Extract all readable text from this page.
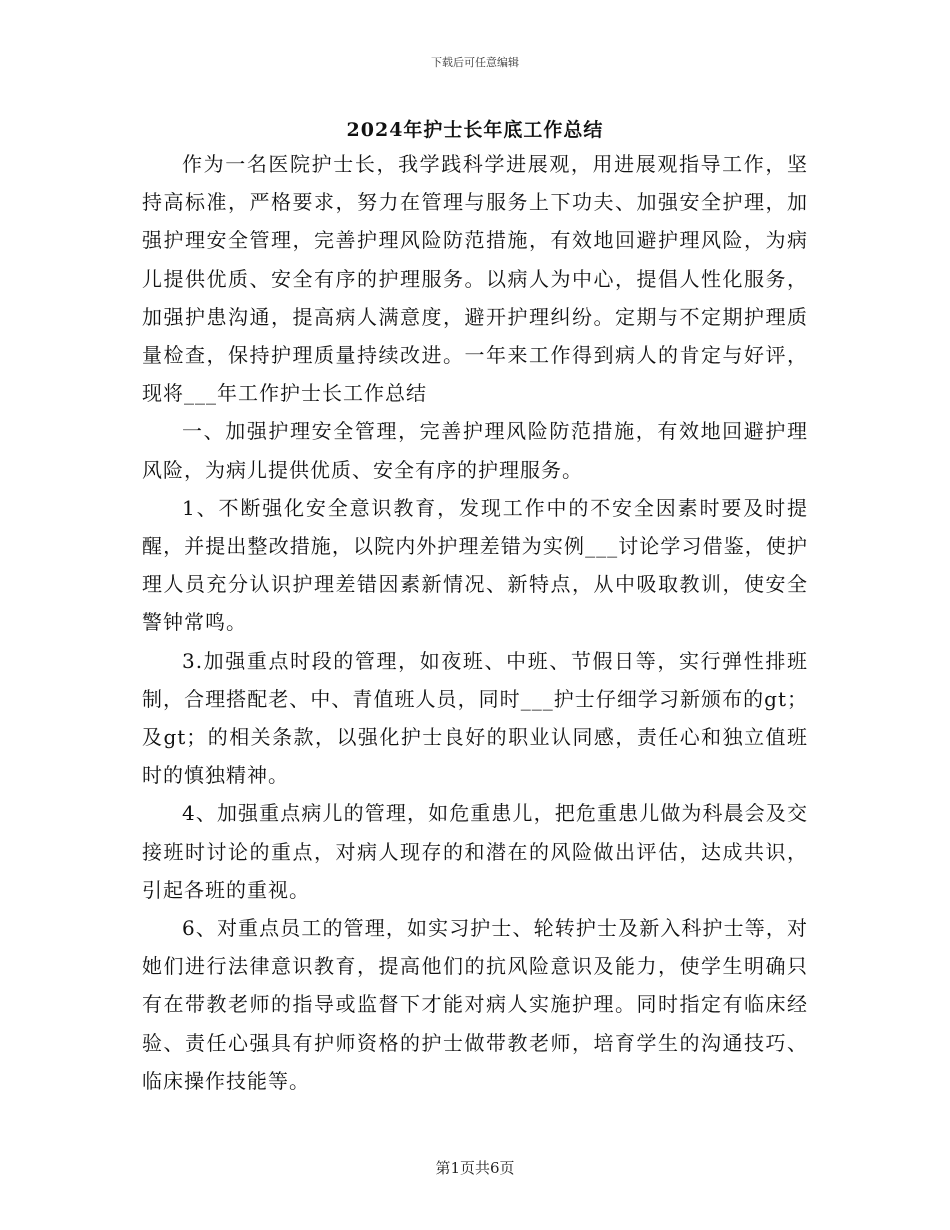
下载后可任意编辑
2024年护士长年底工作总结

作为一名医院护士长，我学践科学进展观，用进展观指导工作，坚持高标准，严格要求，努力在管理与服务上下功夫、加强安全护理，加强护理安全管理，完善护理风险防范措施，有效地回避护理风险，为病儿提供优质、安全有序的护理服务。以病人为中心，提倡人性化服务，加强护患沟通，提高病人满意度，避开护理纠纷。定期与不定期护理质量检查，保持护理质量持续改进。一年来工作得到病人的肯定与好评，现将___年工作护士长工作总结

一、加强护理安全管理，完善护理风险防范措施，有效地回避护理风险，为病儿提供优质、安全有序的护理服务。

1、不断强化安全意识教育，发现工作中的不安全因素时要及时提醒，并提出整改措施，以院内外护理差错为实例___讨论学习借鉴，使护理人员充分认识护理差错因素新情况、新特点，从中吸取教训，使安全警钟常鸣。

3.加强重点时段的管理，如夜班、中班、节假日等，实行弹性排班制，合理搭配老、中、青值班人员，同时___护士仔细学习新颁布的gt；及gt；的相关条款，以强化护士良好的职业认同感，责任心和独立值班时的慎独精神。

4、加强重点病儿的管理，如危重患儿，把危重患儿做为科晨会及交接班时讨论的重点，对病人现存的和潜在的风险做出评估，达成共识，引起各班的重视。

6、对重点员工的管理，如实习护士、轮转护士及新入科护士等，对她们进行法律意识教育，提高他们的抗风险意识及能力，使学生明确只有在带教老师的指导或监督下才能对病人实施护理。同时指定有临床经验、责任心强具有护师资格的护士做带教老师，培育学生的沟通技巧、临床操作技能等。

第1页共6页
